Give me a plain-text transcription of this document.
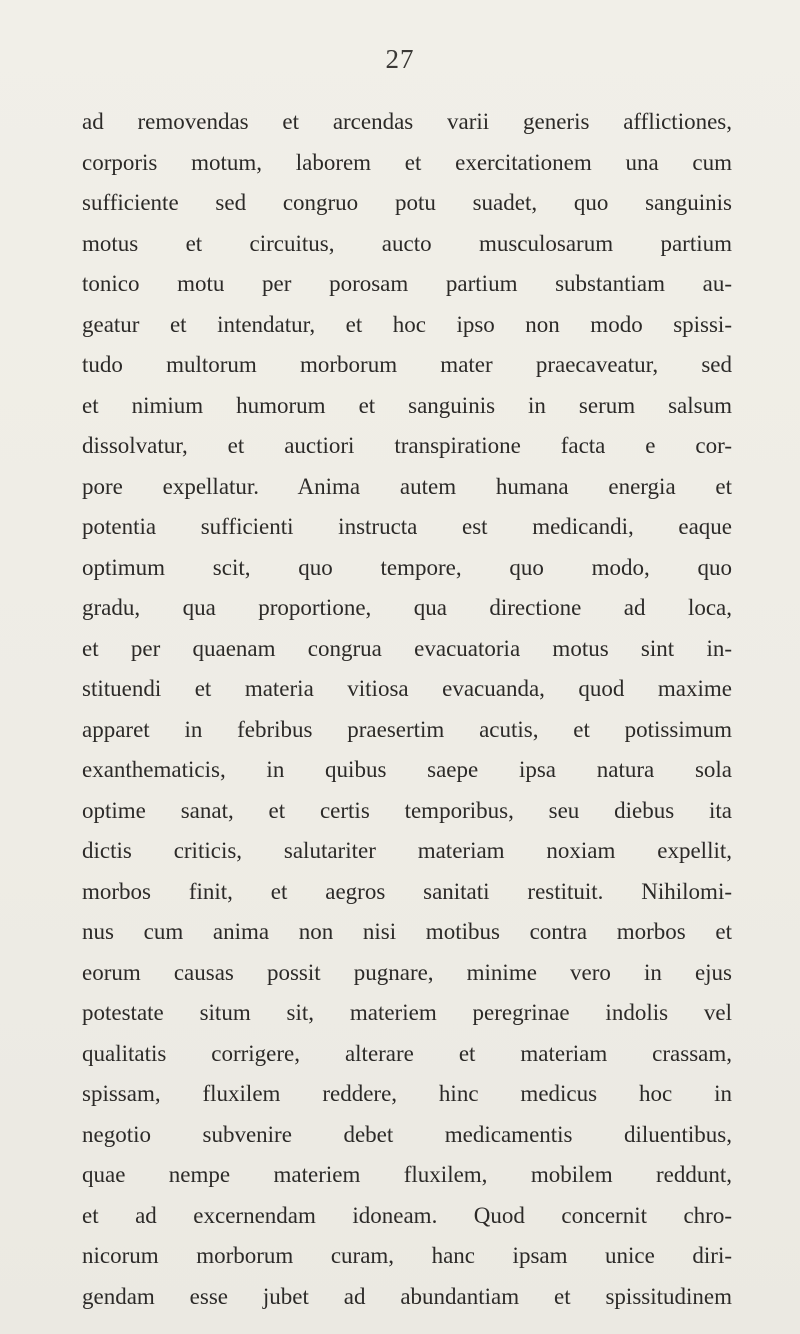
27
ad removendas et arcendas varii generis afflictiones,
corporis motum, laborem et exercitationem una cum
sufficiente sed congruo potu suadet, quo sanguinis
motus et circuitus, aucto musculosarum partium
tonico motu per porosam partium substantiam au-
geatur et intendatur, et hoc ipso non modo spissi-
tudo multorum morborum mater praecaveatur, sed
et nimium humorum et sanguinis in serum salsum
dissolvatur, et auctiori transpiratione facta e cor-
pore expellatur. Anima autem humana energia et
potentia sufficienti instructa est medicandi, eaque
optimum scit, quo tempore, quo modo, quo
gradu, qua proportione, qua directione ad loca,
et per quaenam congrua evacuatoria motus sint in-
stituendi et materia vitiosa evacuanda, quod maxime
apparet in febribus praesertim acutis, et potissimum
exanthematicis, in quibus saepe ipsa natura sola
optime sanat, et certis temporibus, seu diebus ita
dictis criticis, salutariter materiam noxiam expellit,
morbos finit, et aegros sanitati restituit. Nihilomi-
nus cum anima non nisi motibus contra morbos et
eorum causas possit pugnare, minime vero in ejus
potestate situm sit, materiem peregrinae indolis vel
qualitatis corrigere, alterare et materiam crassam,
spissam, fluxilem reddere, hinc medicus hoc in
negotio subvenire debet medicamentis diluentibus,
quae nempe materiem fluxilem, mobilem reddunt,
et ad excernendam idoneam. Quod concernit chro-
nicorum morborum curam, hanc ipsam unice diri-
gendam esse jubet ad abundantiam et spissitudinem
